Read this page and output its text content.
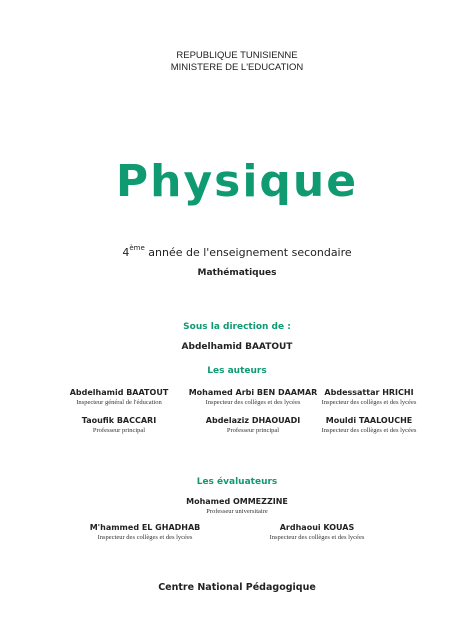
REPUBLIQUE TUNISIENNE
MINISTERE DE L'EDUCATION
Physique
4ème année de l'enseignement secondaire
Mathématiques
Sous la direction de :
Abdelhamid BAATOUT
Les auteurs
Abdelhamid BAATOUT
Inspecteur général de l'éducation
Mohamed Arbi BEN DAAMAR
Inspecteur des collèges et des lycées
Abdessattar HRICHI
Inspecteur des collèges et des lycées
Taoufik BACCARI
Professeur principal
Abdelaziz DHAOUADI
Professeur principal
Mouldi TAALOUCHE
Inspecteur des collèges et des lycées
Les évaluateurs
Mohamed OMMEZZINE
Professeur universitaire
M'hammed EL GHADHAB
Inspecteur des collèges et des lycées
Ardhaoui KOUAS
Inspecteur des collèges et des lycées
Centre National Pédagogique
